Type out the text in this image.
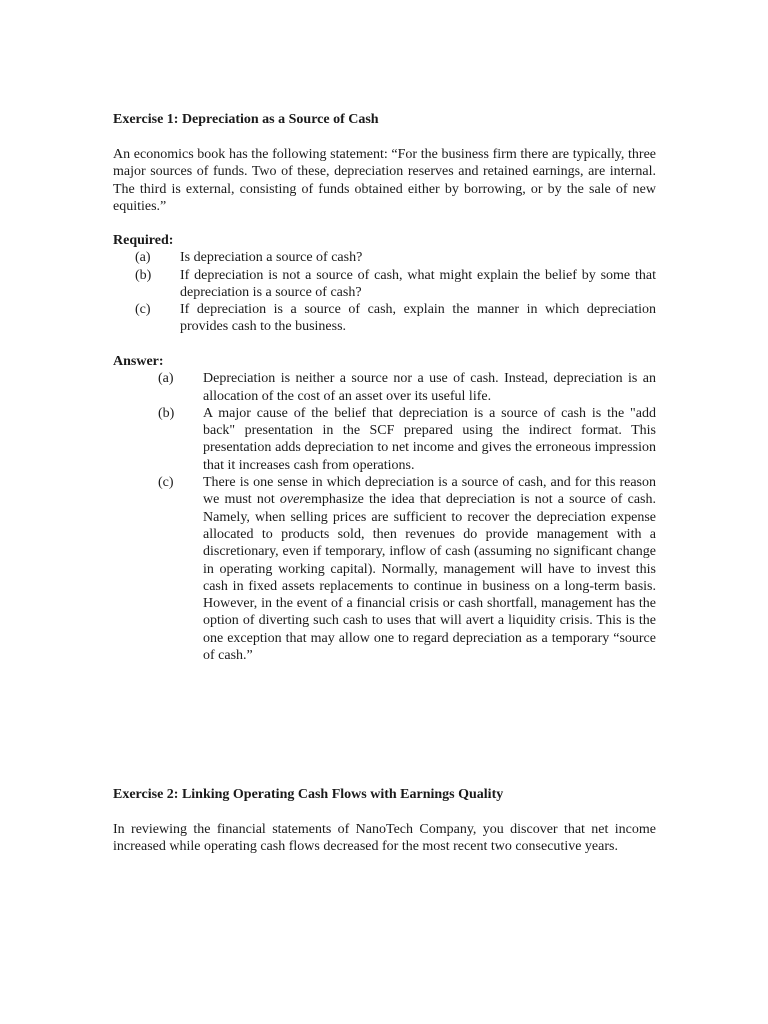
Exercise 1: Depreciation as a Source of Cash
An economics book has the following statement: “For the business firm there are typically, three major sources of funds. Two of these, depreciation reserves and retained earnings, are internal. The third is external, consisting of funds obtained either by borrowing, or by the sale of new equities.”
Required:
(a)	Is depreciation a source of cash?
(b)	If depreciation is not a source of cash, what might explain the belief by some that depreciation is a source of cash?
(c)	If depreciation is a source of cash, explain the manner in which depreciation provides cash to the business.
Answer:
(a)	Depreciation is neither a source nor a use of cash. Instead, depreciation is an allocation of the cost of an asset over its useful life.
(b)	A major cause of the belief that depreciation is a source of cash is the "add back" presentation in the SCF prepared using the indirect format. This presentation adds depreciation to net income and gives the erroneous impression that it increases cash from operations.
(c)	There is one sense in which depreciation is a source of cash, and for this reason we must not overemphasize the idea that depreciation is not a source of cash. Namely, when selling prices are sufficient to recover the depreciation expense allocated to products sold, then revenues do provide management with a discretionary, even if temporary, inflow of cash (assuming no significant change in operating working capital). Normally, management will have to invest this cash in fixed assets replacements to continue in business on a long-term basis. However, in the event of a financial crisis or cash shortfall, management has the option of diverting such cash to uses that will avert a liquidity crisis. This is the one exception that may allow one to regard depreciation as a temporary “source of cash.”
Exercise 2: Linking Operating Cash Flows with Earnings Quality
In reviewing the financial statements of NanoTech Company, you discover that net income increased while operating cash flows decreased for the most recent two consecutive years.
